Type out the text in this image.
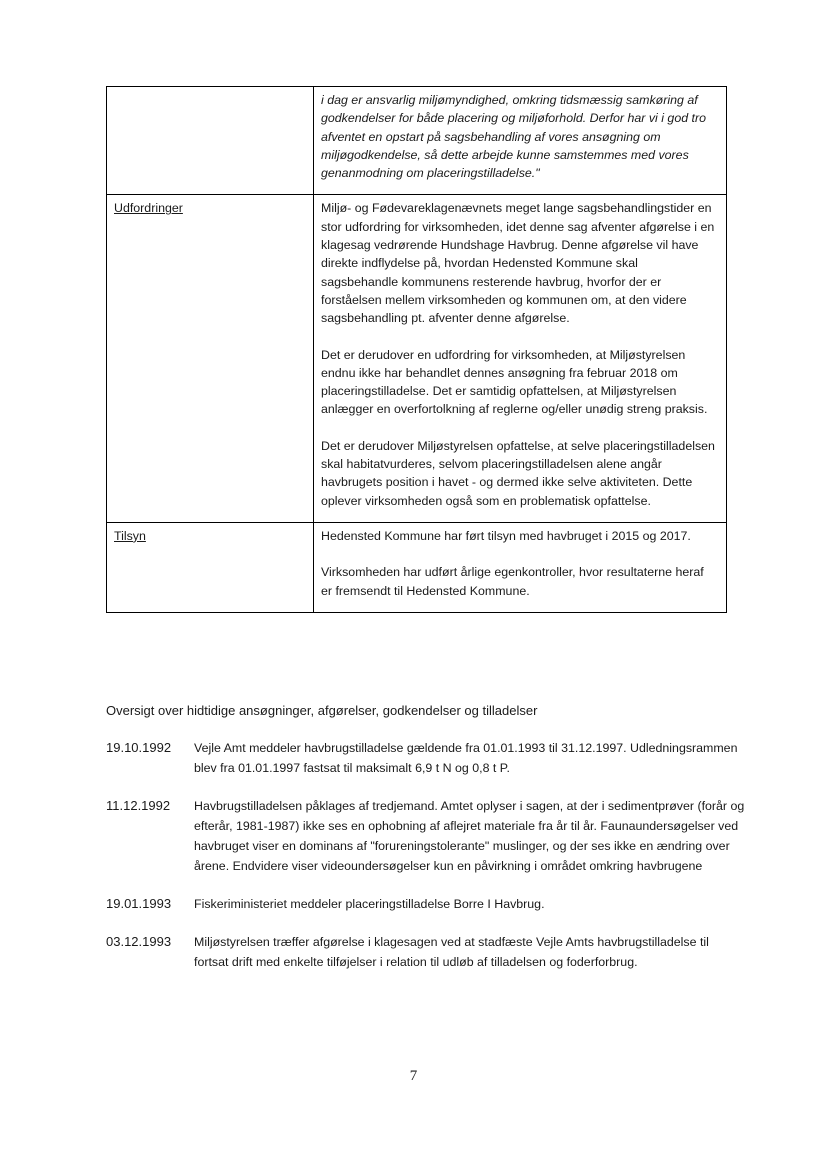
	i dag er ansvarlig miljømyndighed, omkring tidsmæssig samkøring af godkendelser for både placering og miljøforhold. Derfor har vi i god tro afventet en opstart på sagsbehandling af vores ansøgning om miljøgodkendelse, så dette arbejde kunne samstemmes med vores genanmodning om placeringstilladelse."

Udfordringer	Miljø- og Fødevareklagenævnets meget lange sagsbehandlingstider en stor udfordring for virksomheden, idet denne sag afventer afgørelse i en klagesag vedrørende Hundshage Havbrug. Denne afgørelse vil have direkte indflydelse på, hvordan Hedensted Kommune skal sagsbehandle kommunens resterende havbrug, hvorfor der er forståelsen mellem virksomheden og kommunen om, at den videre sagsbehandling pt. afventer denne afgørelse.

Det er derudover en udfordring for virksomheden, at Miljøstyrelsen endnu ikke har behandlet dennes ansøgning fra februar 2018 om placeringstilladelse. Det er samtidig opfattelsen, at Miljøstyrelsen anlægger en overfortolkning af reglerne og/eller unødig streng praksis.

Det er derudover Miljøstyrelsen opfattelse, at selve placeringstilladelsen skal habitatvurderes, selvom placeringstilladelsen alene angår havbrugets position i havet - og dermed ikke selve aktiviteten. Dette oplever virksomheden også som en problematisk opfattelse.

Tilsyn	Hedensted Kommune har ført tilsyn med havbruget i 2015 og 2017.

Virksomheden har udført årlige egenkontroller, hvor resultaterne heraf er fremsendt til Hedensted Kommune.

Oversigt over hidtidige ansøgninger, afgørelser, godkendelser og tilladelser
19.10.1992 Vejle Amt meddeler havbrugstilladelse gældende fra 01.01.1993 til 31.12.1997. Udledningsrammen blev fra 01.01.1997 fastsat til maksimalt 6,9 t N og 0,8 t P.
11.12.1992 Havbrugstilladelsen påklages af tredjemand. Amtet oplyser i sagen, at der i sedimentprøver (forår og efterår, 1981-1987) ikke ses en ophobning af aflejret materiale fra år til år. Faunaundersøgelser ved havbruget viser en dominans af "forureningstolerante" muslinger, og der ses ikke en ændring over årene. Endvidere viser videoundersøgelser kun en påvirkning i området omkring havbrugene
19.01.1993 Fiskeriministeriet meddeler placeringstilladelse Borre I Havbrug.
03.12.1993 Miljøstyrelsen træffer afgørelse i klagesagen ved at stadfæste Vejle Amts havbrugstilladelse til fortsat drift med enkelte tilføjelser i relation til udløb af tilladelsen og foderforbrug.
7
